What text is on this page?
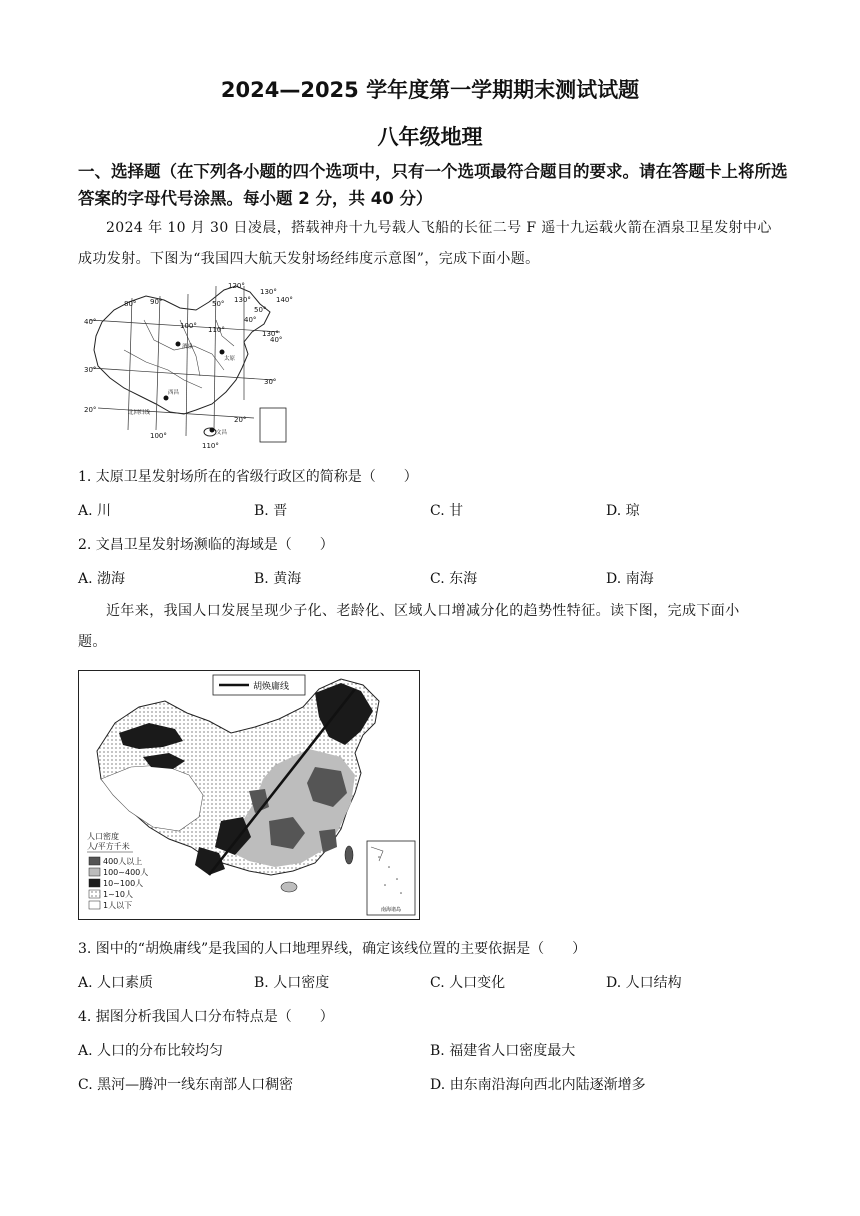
2024—2025 学年度第一学期期末测试试题
八年级地理
一、选择题（在下列各小题的四个选项中，只有一个选项最符合题目的要求。请在答题卡上将所选答案的字母代号涂黑。每小题 2 分，共 40 分）
2024 年 10 月 30 日凌晨，搭载神舟十九号载人飞船的长征二号 F 遥十九运载火箭在酒泉卫星发射中心
成功发射。下图为“我国四大航天发射场经纬度示意图”，完成下面小题。
80° 90°
100° 110°
120°
130°
50°
40°
100°
110°
130°
140°
40°
30°
20°
30°
20°
40°
50°
130°
酒泉
西昌
太原
文昌
北回归线
1. 太原卫星发射场所在的省级行政区的简称是（　　）
A. 川	B. 晋	C. 甘	D. 琼
2. 文昌卫星发射场濒临的海域是（　　）
A. 渤海	B. 黄海	C. 东海	D. 南海
近年来，我国人口发展呈现少子化、老龄化、区域人口增减分化的趋势性特征。读下图，完成下面小
题。
胡焕庸线
人口密度
人/平方千米
400人以上
100~400人
10~100人
1~10人
1人以下	南海诸岛
3. 图中的“胡焕庸线”是我国的人口地理界线，确定该线位置的主要依据是（　　）
A. 人口素质	B. 人口密度	C. 人口变化	D. 人口结构
4. 据图分析我国人口分布特点是（　　）
A. 人口的分布比较均匀	B. 福建省人口密度最大
C. 黑河—腾冲一线东南部人口稠密	D. 由东南沿海向西北内陆逐渐增多
